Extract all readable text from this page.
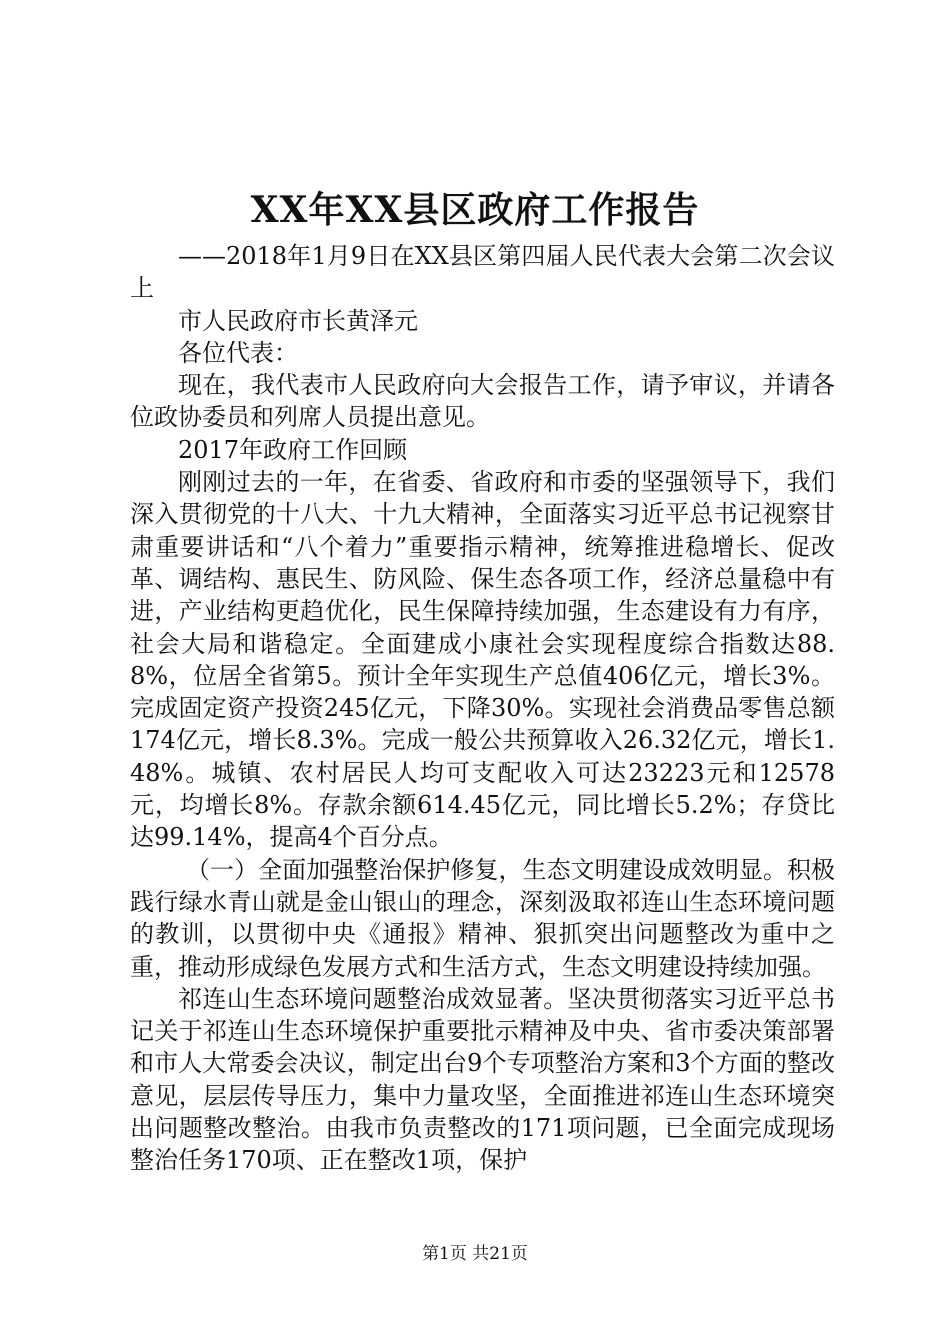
XX年XX县区政府工作报告

——2018年1月9日在XX县区第四届人民代表大会第二次会议上

市人民政府市长黄泽元

各位代表：

现在，我代表市人民政府向大会报告工作，请予审议，并请各位政协委员和列席人员提出意见。

2017年政府工作回顾

刚刚过去的一年，在省委、省政府和市委的坚强领导下，我们深入贯彻党的十八大、十九大精神，全面落实习近平总书记视察甘肃重要讲话和“八个着力”重要指示精神，统筹推进稳增长、促改革、调结构、惠民生、防风险、保生态各项工作，经济总量稳中有进，产业结构更趋优化，民生保障持续加强，生态建设有力有序，社会大局和谐稳定。全面建成小康社会实现程度综合指数达88.8%，位居全省第5。预计全年实现生产总值406亿元，增长3%。完成固定资产投资245亿元，下降30%。实现社会消费品零售总额174亿元，增长8.3%。完成一般公共预算收入26.32亿元，增长1.48%。城镇、农村居民人均可支配收入可达23223元和12578元，均增长8%。存款余额614.45亿元，同比增长5.2%；存贷比达99.14%，提高4个百分点。

（一）全面加强整治保护修复，生态文明建设成效明显。积极践行绿水青山就是金山银山的理念，深刻汲取祁连山生态环境问题的教训，以贯彻中央《通报》精神、狠抓突出问题整改为重中之重，推动形成绿色发展方式和生活方式，生态文明建设持续加强。

祁连山生态环境问题整治成效显著。坚决贯彻落实习近平总书记关于祁连山生态环境保护重要批示精神及中央、省市委决策部署和市人大常委会决议，制定出台9个专项整治方案和3个方面的整改意见，层层传导压力，集中力量攻坚，全面推进祁连山生态环境突出问题整改整治。由我市负责整改的171项问题，已全面完成现场整治任务170项、正在整改1项，保护

第1页 共21页
